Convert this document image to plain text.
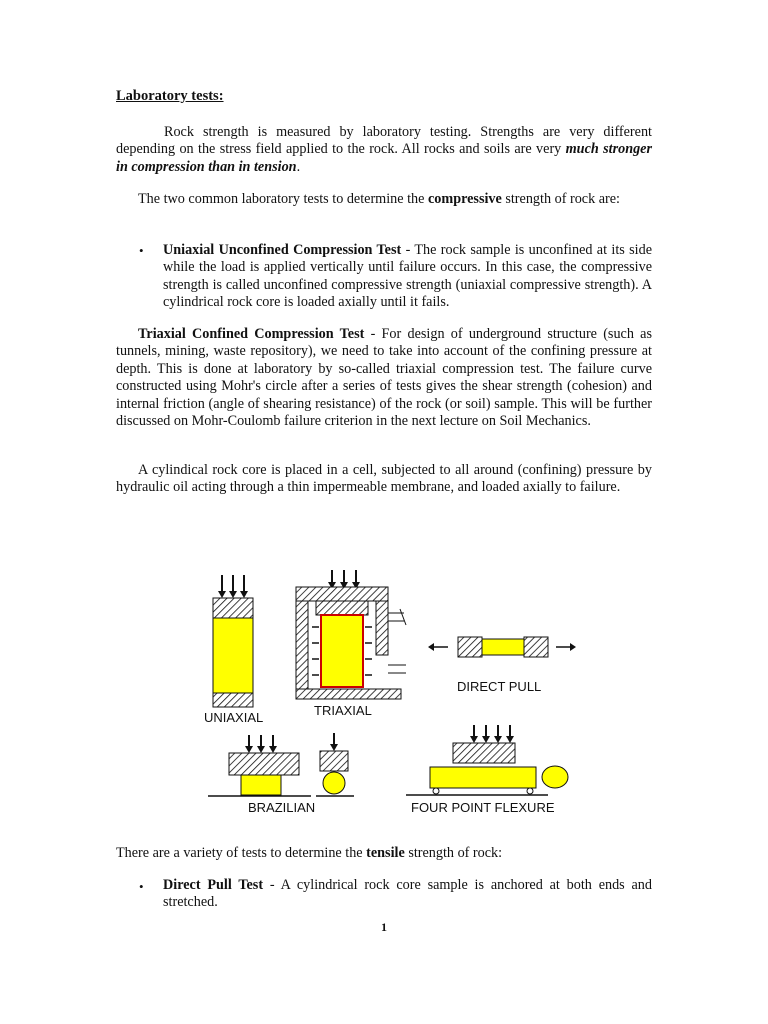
Laboratory tests:
Rock strength is measured by laboratory testing. Strengths are very different depending on the stress field applied to the rock. All rocks and soils are very much stronger in compression than in tension.
The two common laboratory tests to determine the compressive strength of rock are:
• Uniaxial Unconfined Compression Test - The rock sample is unconfined at its side while the load is applied vertically until failure occurs. In this case, the compressive strength is called unconfined compressive strength (uniaxial compressive strength). A cylindrical rock core is loaded axially until it fails.
Triaxial Confined Compression Test - For design of underground structure (such as tunnels, mining, waste repository), we need to take into account of the confining pressure at depth. This is done at laboratory by so-called triaxial compression test. The failure curve constructed using Mohr's circle after a series of tests gives the shear strength (cohesion) and internal friction (angle of shearing resistance) of the rock (or soil) sample. This will be further discussed on Mohr-Coulomb failure criterion in the next lecture on Soil Mechanics.
A cylindical rock core is placed in a cell, subjected to all around (confining) pressure by hydraulic oil acting through a thin impermeable membrane, and loaded axially to failure.
UNIAXIAL	TRIAXIAL
DIRECT PULL
BRAZILIAN	FOUR POINT FLEXURE
There are a variety of tests to determine the tensile strength of rock:
• Direct Pull Test - A cylindrical rock core sample is anchored at both ends and stretched.
1
